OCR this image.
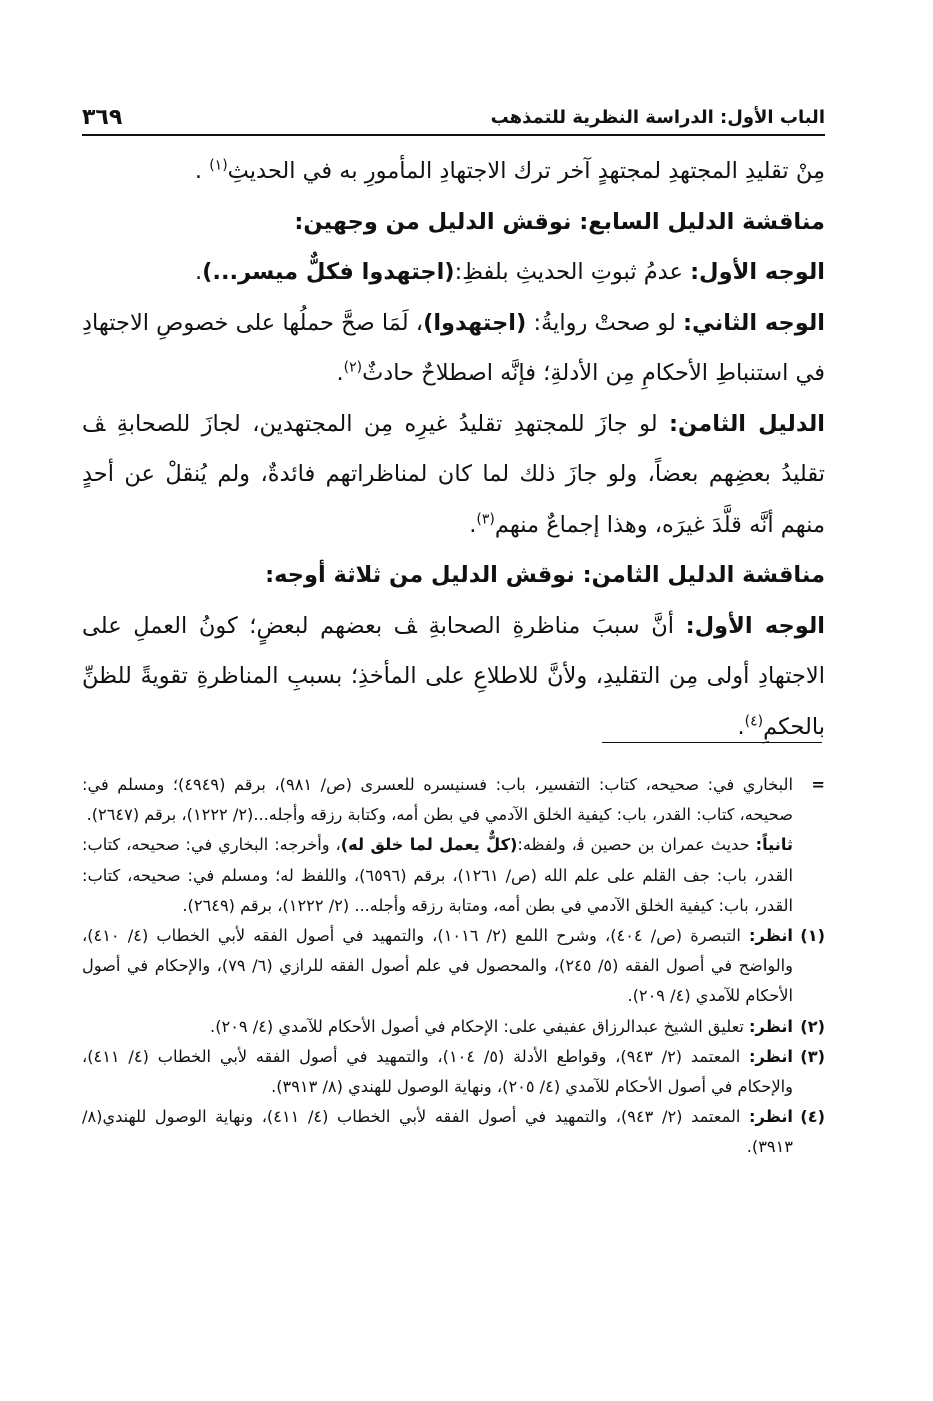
٣٦٩	الباب الأول: الدراسة النظرية للتمذهب

مِنْ تقليدِ المجتهدِ لمجتهدٍ آخر ترك الاجتهادِ المأمورِ به في الحديثِ$^{(١)}$ .

مناقشة الدليل السابع: نوقش الدليل من وجهين:

الوجه الأول: عدمُ ثبوتِ الحديثِ بلفظِ:(اجتهدوا فكلٌّ ميسر...).

الوجه الثاني: لو صحتْ روايةُ: (اجتهدوا)، لَمَا صحَّ حملُها على خصوصِ الاجتهادِ في استنباطِ الأحكامِ مِن الأدلةِ؛ فإنَّه اصطلاحٌ حادثٌ$^{(٢)}$.

الدليل الثامن: لو جازَ للمجتهدِ تقليدُ غيرِه مِن المجتهدين، لجازَ للصحابةِ ﭫ تقليدُ بعضِهم بعضاً، ولو جازَ ذلك لما كان لمناظراتهم فائدةٌ، ولم يُنقلْ عن أحدٍ منهم أنَّه قلَّدَ غيرَه، وهذا إجماعٌ منهم$^{(٣)}$.

مناقشة الدليل الثامن: نوقش الدليل من ثلاثة أوجه:

الوجه الأول: أنَّ سببَ مناظرةِ الصحابةِ ﭫ بعضهم لبعضٍ؛ كونُ العملِ على الاجتهادِ أولى مِن التقليدِ، ولأنَّ للاطلاعِ على المأخذِ؛ بسببِ المناظرةِ تقويةً للظنِّ بالحكمِ$^{(٤)}$.

=

البخاري في: صحيحه، كتاب: التفسير، باب: فسنيسره للعسرى (ص/ ٩٨١)، برقم (٤٩٤٩)؛ ومسلم في: صحيحه، كتاب: القدر، باب: كيفية الخلق الآدمي في بطن أمه، وكتابة رزقه وأجله...(٢/ ١٢٢٢)، برقم (٢٦٤٧).

ثانياً: حديث عمران بن حصين ﭬ، ولفظه:(كلٌّ يعمل لما خلق له)، وأخرجه: البخاري في: صحيحه، كتاب: القدر، باب: جف القلم على علم الله (ص/ ١٢٦١)، برقم (٦٥٩٦)، واللفظ له؛ ومسلم في: صحيحه، كتاب: القدر، باب: كيفية الخلق الآدمي في بطن أمه، ومتابة رزقه وأجله... (٢/ ١٢٢٢)، برقم (٢٦٤٩).

(١)
انظر: التبصرة (ص/ ٤٠٤)، وشرح اللمع (٢/ ١٠١٦)، والتمهيد في أصول الفقه لأبي الخطاب (٤/ ٤١٠)، والواضح في أصول الفقه (٥/ ٢٤٥)، والمحصول في علم أصول الفقه للرازي (٦/ ٧٩)، والإحكام في أصول الأحكام للآمدي (٤/ ٢٠٩).
(٢)
انظر: تعليق الشيخ عبدالرزاق عفيفي على: الإحكام في أصول الأحكام للآمدي (٤/ ٢٠٩).
(٣)
انظر: المعتمد (٢/ ٩٤٣)، وقواطع الأدلة (٥/ ١٠٤)، والتمهيد في أصول الفقه لأبي الخطاب (٤/ ٤١١)، والإحكام في أصول الأحكام للآمدي (٤/ ٢٠٥)، ونهاية الوصول للهندي (٨/ ٣٩١٣).
(٤)
انظر: المعتمد (٢/ ٩٤٣)، والتمهيد في أصول الفقه لأبي الخطاب (٤/ ٤١١)، ونهاية الوصول للهندي(٨/ ٣٩١٣).
